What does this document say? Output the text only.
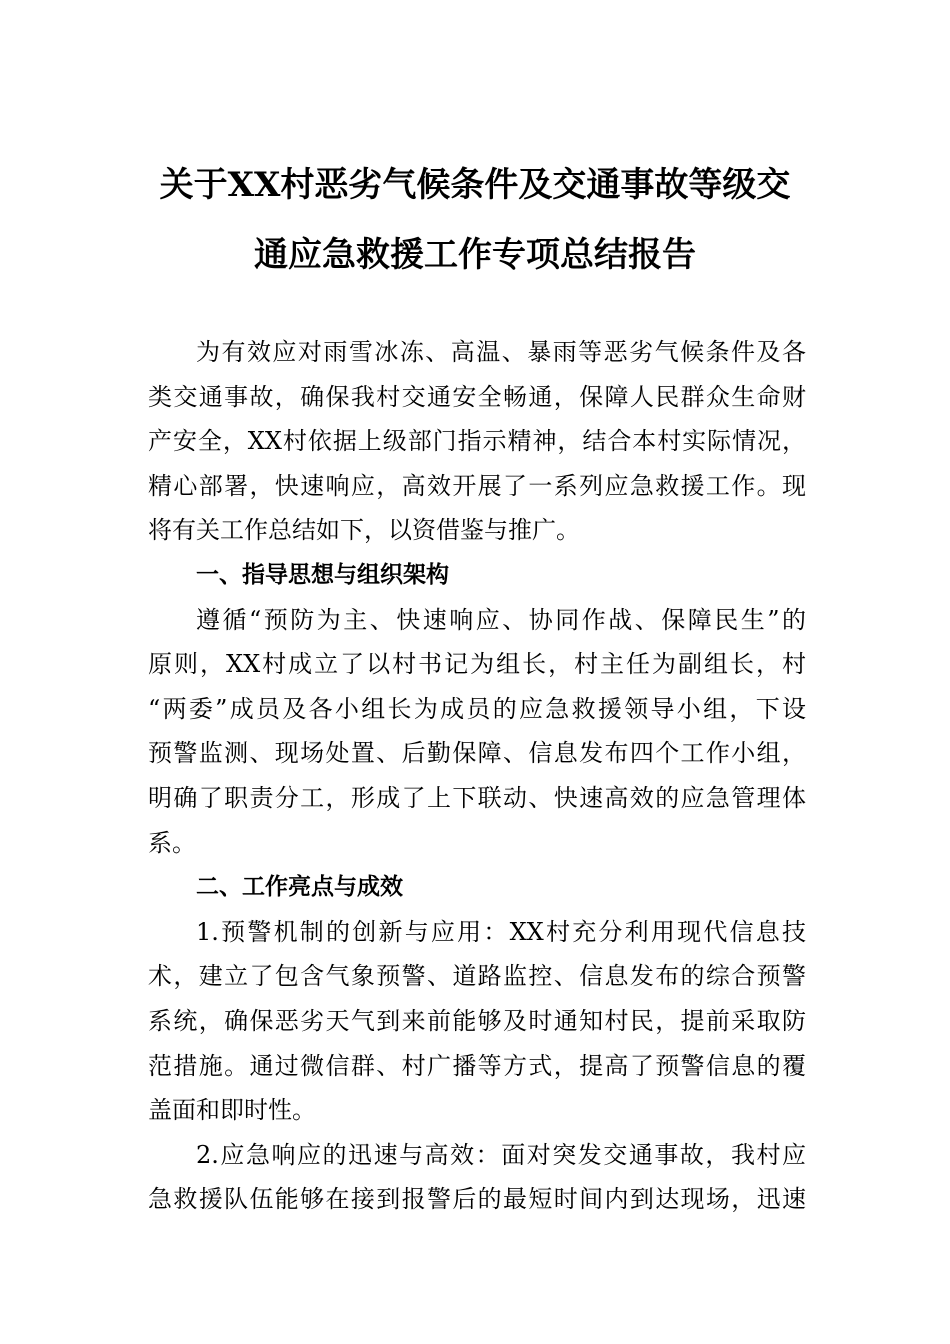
关于XX村恶劣气候条件及交通事故等级交
通应急救援工作专项总结报告
为有效应对雨雪冰冻、高温、暴雨等恶劣气候条件及各
类交通事故，确保我村交通安全畅通，保障人民群众生命财
产安全，XX村依据上级部门指示精神，结合本村实际情况，
精心部署，快速响应，高效开展了一系列应急救援工作。现
将有关工作总结如下，以资借鉴与推广。
一、指导思想与组织架构
遵循“预防为主、快速响应、协同作战、保障民生”的
原则，XX村成立了以村书记为组长，村主任为副组长，村
“两委”成员及各小组长为成员的应急救援领导小组，下设
预警监测、现场处置、后勤保障、信息发布四个工作小组，
明确了职责分工，形成了上下联动、快速高效的应急管理体
系。
二、工作亮点与成效
1.预警机制的创新与应用：XX村充分利用现代信息技
术，建立了包含气象预警、道路监控、信息发布的综合预警
系统，确保恶劣天气到来前能够及时通知村民，提前采取防
范措施。通过微信群、村广播等方式，提高了预警信息的覆
盖面和即时性。
2.应急响应的迅速与高效：面对突发交通事故，我村应
急救援队伍能够在接到报警后的最短时间内到达现场，迅速
